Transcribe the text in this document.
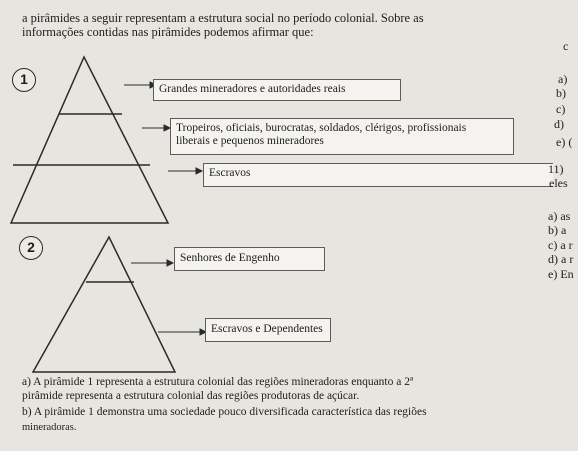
a pirâmides a seguir representam a estrutura social no período colonial. Sobre as
informações contidas nas pirâmides podemos afirmar que:
1
Grandes mineradores e autoridades reais
Tropeiros, oficiais, burocratas, soldados, clérigos, profissionais
liberais e pequenos mineradores
Escravos
2
Senhores de Engenho
Escravos e Dependentes
a) A pirâmide 1 representa a estrutura colonial das regiões mineradoras enquanto a 2ª
pirâmide representa a estrutura colonial das regiões produtoras de açúcar.
b) A pirâmide 1 demonstra uma sociedade pouco diversificada característica das regiões
mineradoras.
c
a)
b)
c)
d)
e) (
11)
eles
a) as
b) a
c) a r
d) a r
e) En
